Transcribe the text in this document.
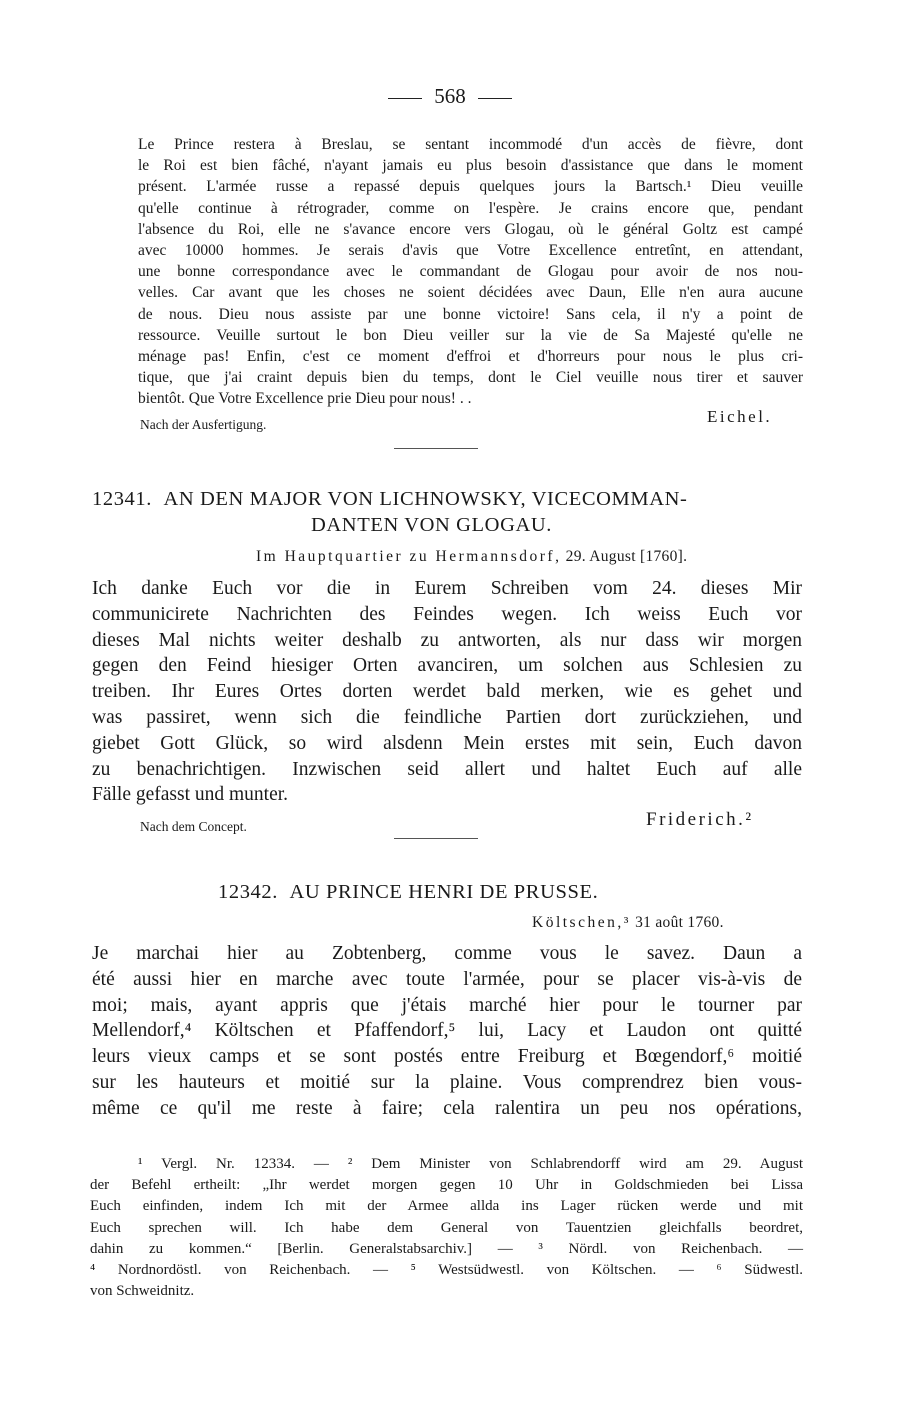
568
Le Prince restera à Breslau, se sentant incommodé d'un accès de fièvre, dont
le Roi est bien fâché, n'ayant jamais eu plus besoin d'assistance que dans le moment
présent. L'armée russe a repassé depuis quelques jours la Bartsch.¹ Dieu veuille
qu'elle continue à rétrograder, comme on l'espère. Je crains encore que, pendant
l'absence du Roi, elle ne s'avance encore vers Glogau, où le général Goltz est campé
avec 10000 hommes. Je serais d'avis que Votre Excellence entretînt, en attendant,
une bonne correspondance avec le commandant de Glogau pour avoir de nos nou-
velles. Car avant que les choses ne soient décidées avec Daun, Elle n'en aura aucune
de nous. Dieu nous assiste par une bonne victoire! Sans cela, il n'y a point de
ressource. Veuille surtout le bon Dieu veiller sur la vie de Sa Majesté qu'elle ne
ménage pas! Enfin, c'est ce moment d'effroi et d'horreurs pour nous le plus cri-
tique, que j'ai craint depuis bien du temps, dont le Ciel veuille nous tirer et sauver
bientôt. Que Votre Excellence prie Dieu pour nous! . .
Eichel.
Nach der Ausfertigung.
12341. AN DEN MAJOR VON LICHNOWSKY, VICECOMMAN-
DANTEN VON GLOGAU.
Im Hauptquartier zu Hermannsdorf, 29. August [1760].
Ich danke Euch vor die in Eurem Schreiben vom 24. dieses Mir
communicirete Nachrichten des Feindes wegen. Ich weiss Euch vor
dieses Mal nichts weiter deshalb zu antworten, als nur dass wir morgen
gegen den Feind hiesiger Orten avanciren, um solchen aus Schlesien zu
treiben. Ihr Eures Ortes dorten werdet bald merken, wie es gehet und
was passiret, wenn sich die feindliche Partien dort zurückziehen, und
giebet Gott Glück, so wird alsdenn Mein erstes mit sein, Euch davon
zu benachrichtigen. Inzwischen seid allert und haltet Euch auf alle
Fälle gefasst und munter.
Friderich.²
Nach dem Concept.
12342. AU PRINCE HENRI DE PRUSSE.
Költschen,³ 31 août 1760.
Je marchai hier au Zobtenberg, comme vous le savez. Daun a
été aussi hier en marche avec toute l'armée, pour se placer vis-à-vis de
moi; mais, ayant appris que j'étais marché hier pour le tourner par
Mellendorf,⁴ Költschen et Pfaffendorf,⁵ lui, Lacy et Laudon ont quitté
leurs vieux camps et se sont postés entre Freiburg et Bœgendorf,⁶ moitié
sur les hauteurs et moitié sur la plaine. Vous comprendrez bien vous-
même ce qu'il me reste à faire; cela ralentira un peu nos opérations,
¹ Vergl. Nr. 12334. — ² Dem Minister von Schlabrendorff wird am 29. August
der Befehl ertheilt: „Ihr werdet morgen gegen 10 Uhr in Goldschmieden bei Lissa
Euch einfinden, indem Ich mit der Armee allda ins Lager rücken werde und mit
Euch sprechen will. Ich habe dem General von Tauentzien gleichfalls beordret,
dahin zu kommen.“ [Berlin. Generalstabsarchiv.] — ³ Nördl. von Reichenbach. —
⁴ Nordnordöstl. von Reichenbach. — ⁵ Westsüdwestl. von Költschen. — ⁶ Südwestl.
von Schweidnitz.
